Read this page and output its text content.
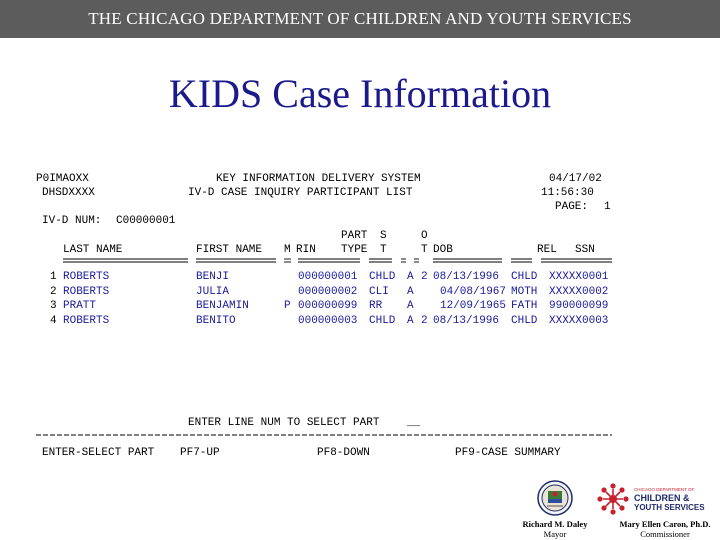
THE CHICAGO DEPARTMENT OF CHILDREN AND YOUTH SERVICES
KIDS Case Information
P0IMAOXX	KEY INFORMATION DELIVERY SYSTEM	04/17/02
DHSDXXXX	IV-D CASE INQUIRY PARTICIPANT LIST	11:56:30
PAGE: 1
IV-D NUM: C00000001
PART S	O
LAST NAME	FIRST NAME M RIN TYPE T	T DOB	REL SSN
1 ROBERTS	BENJI	000000001 CHLD A 2 08/13/1996 CHLD XXXXX0001
2 ROBERTS	JULIA	000000002 CLI A 04/08/1967 MOTH XXXXX0002
3 PRATT	BENJAMIN	P 000000099 RR A 12/09/1965 FATH 990000099
4 ROBERTS	BENITO	000000003 CHLD A 2 08/13/1996 CHLD XXXXX0003
ENTER LINE NUM TO SELECT PART	__
ENTER-SELECT PART PF7-UP	PF8-DOWN	PF9-CASE SUMMARY
Richard M. Daley
Mayor
CHICAGO DEPARTMENT OF
CHILDREN &
YOUTH SERVICES
Mary Ellen Caron, Ph.D.
Commissioner
